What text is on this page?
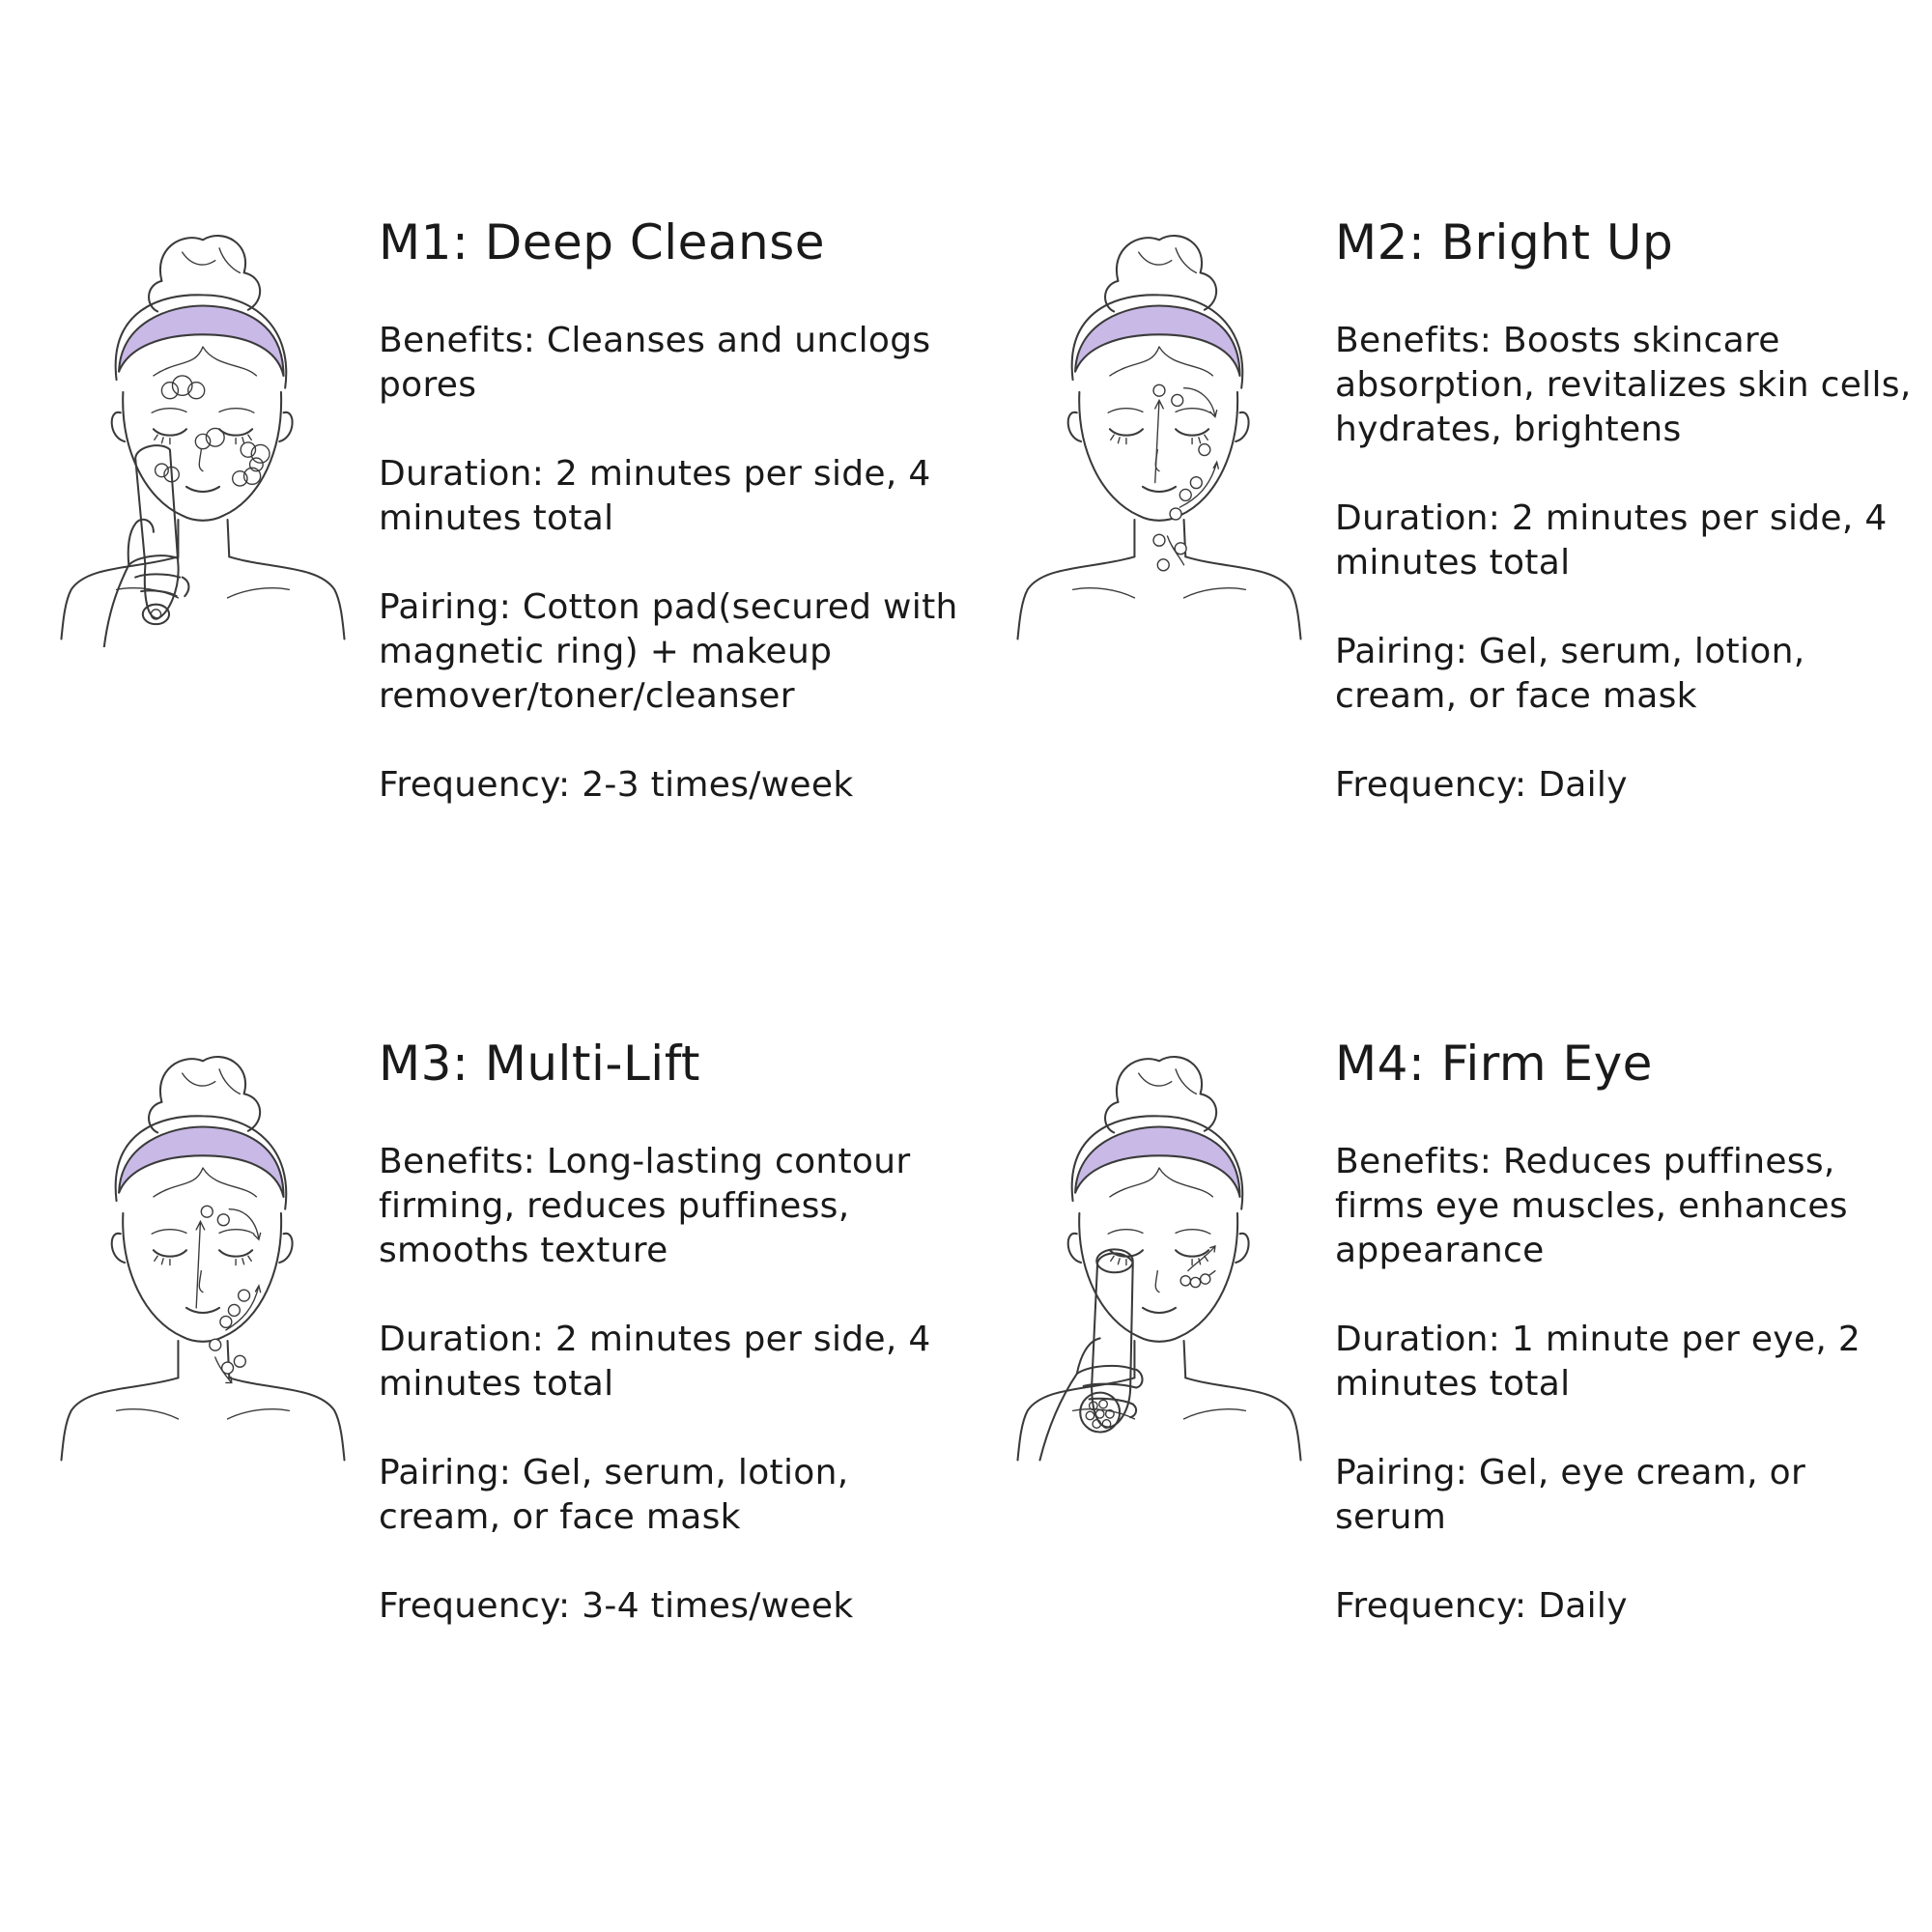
M1: Deep Cleanse
Benefits: Cleanses and unclogs pores
Duration: 2 minutes per side, 4 minutes total
Pairing: Cotton pad(secured with magnetic ring) + makeup remover/toner/cleanser
Frequency: 2-3 times/week
M2: Bright Up
Benefits: Boosts skincare absorption, revitalizes skin cells, hydrates, brightens
Duration: 2 minutes per side, 4 minutes total
Pairing: Gel, serum, lotion, cream, or face mask
Frequency: Daily
M3: Multi-Lift
Benefits: Long-lasting contour firming, reduces puffiness, smooths texture
Duration: 2 minutes per side, 4 minutes total
Pairing: Gel, serum, lotion, cream, or face mask
Frequency: 3-4 times/week
M4: Firm Eye
Benefits: Reduces puffiness, firms eye muscles, enhances appearance
Duration: 1 minute per eye, 2 minutes total
Pairing: Gel, eye cream, or serum
Frequency: Daily
